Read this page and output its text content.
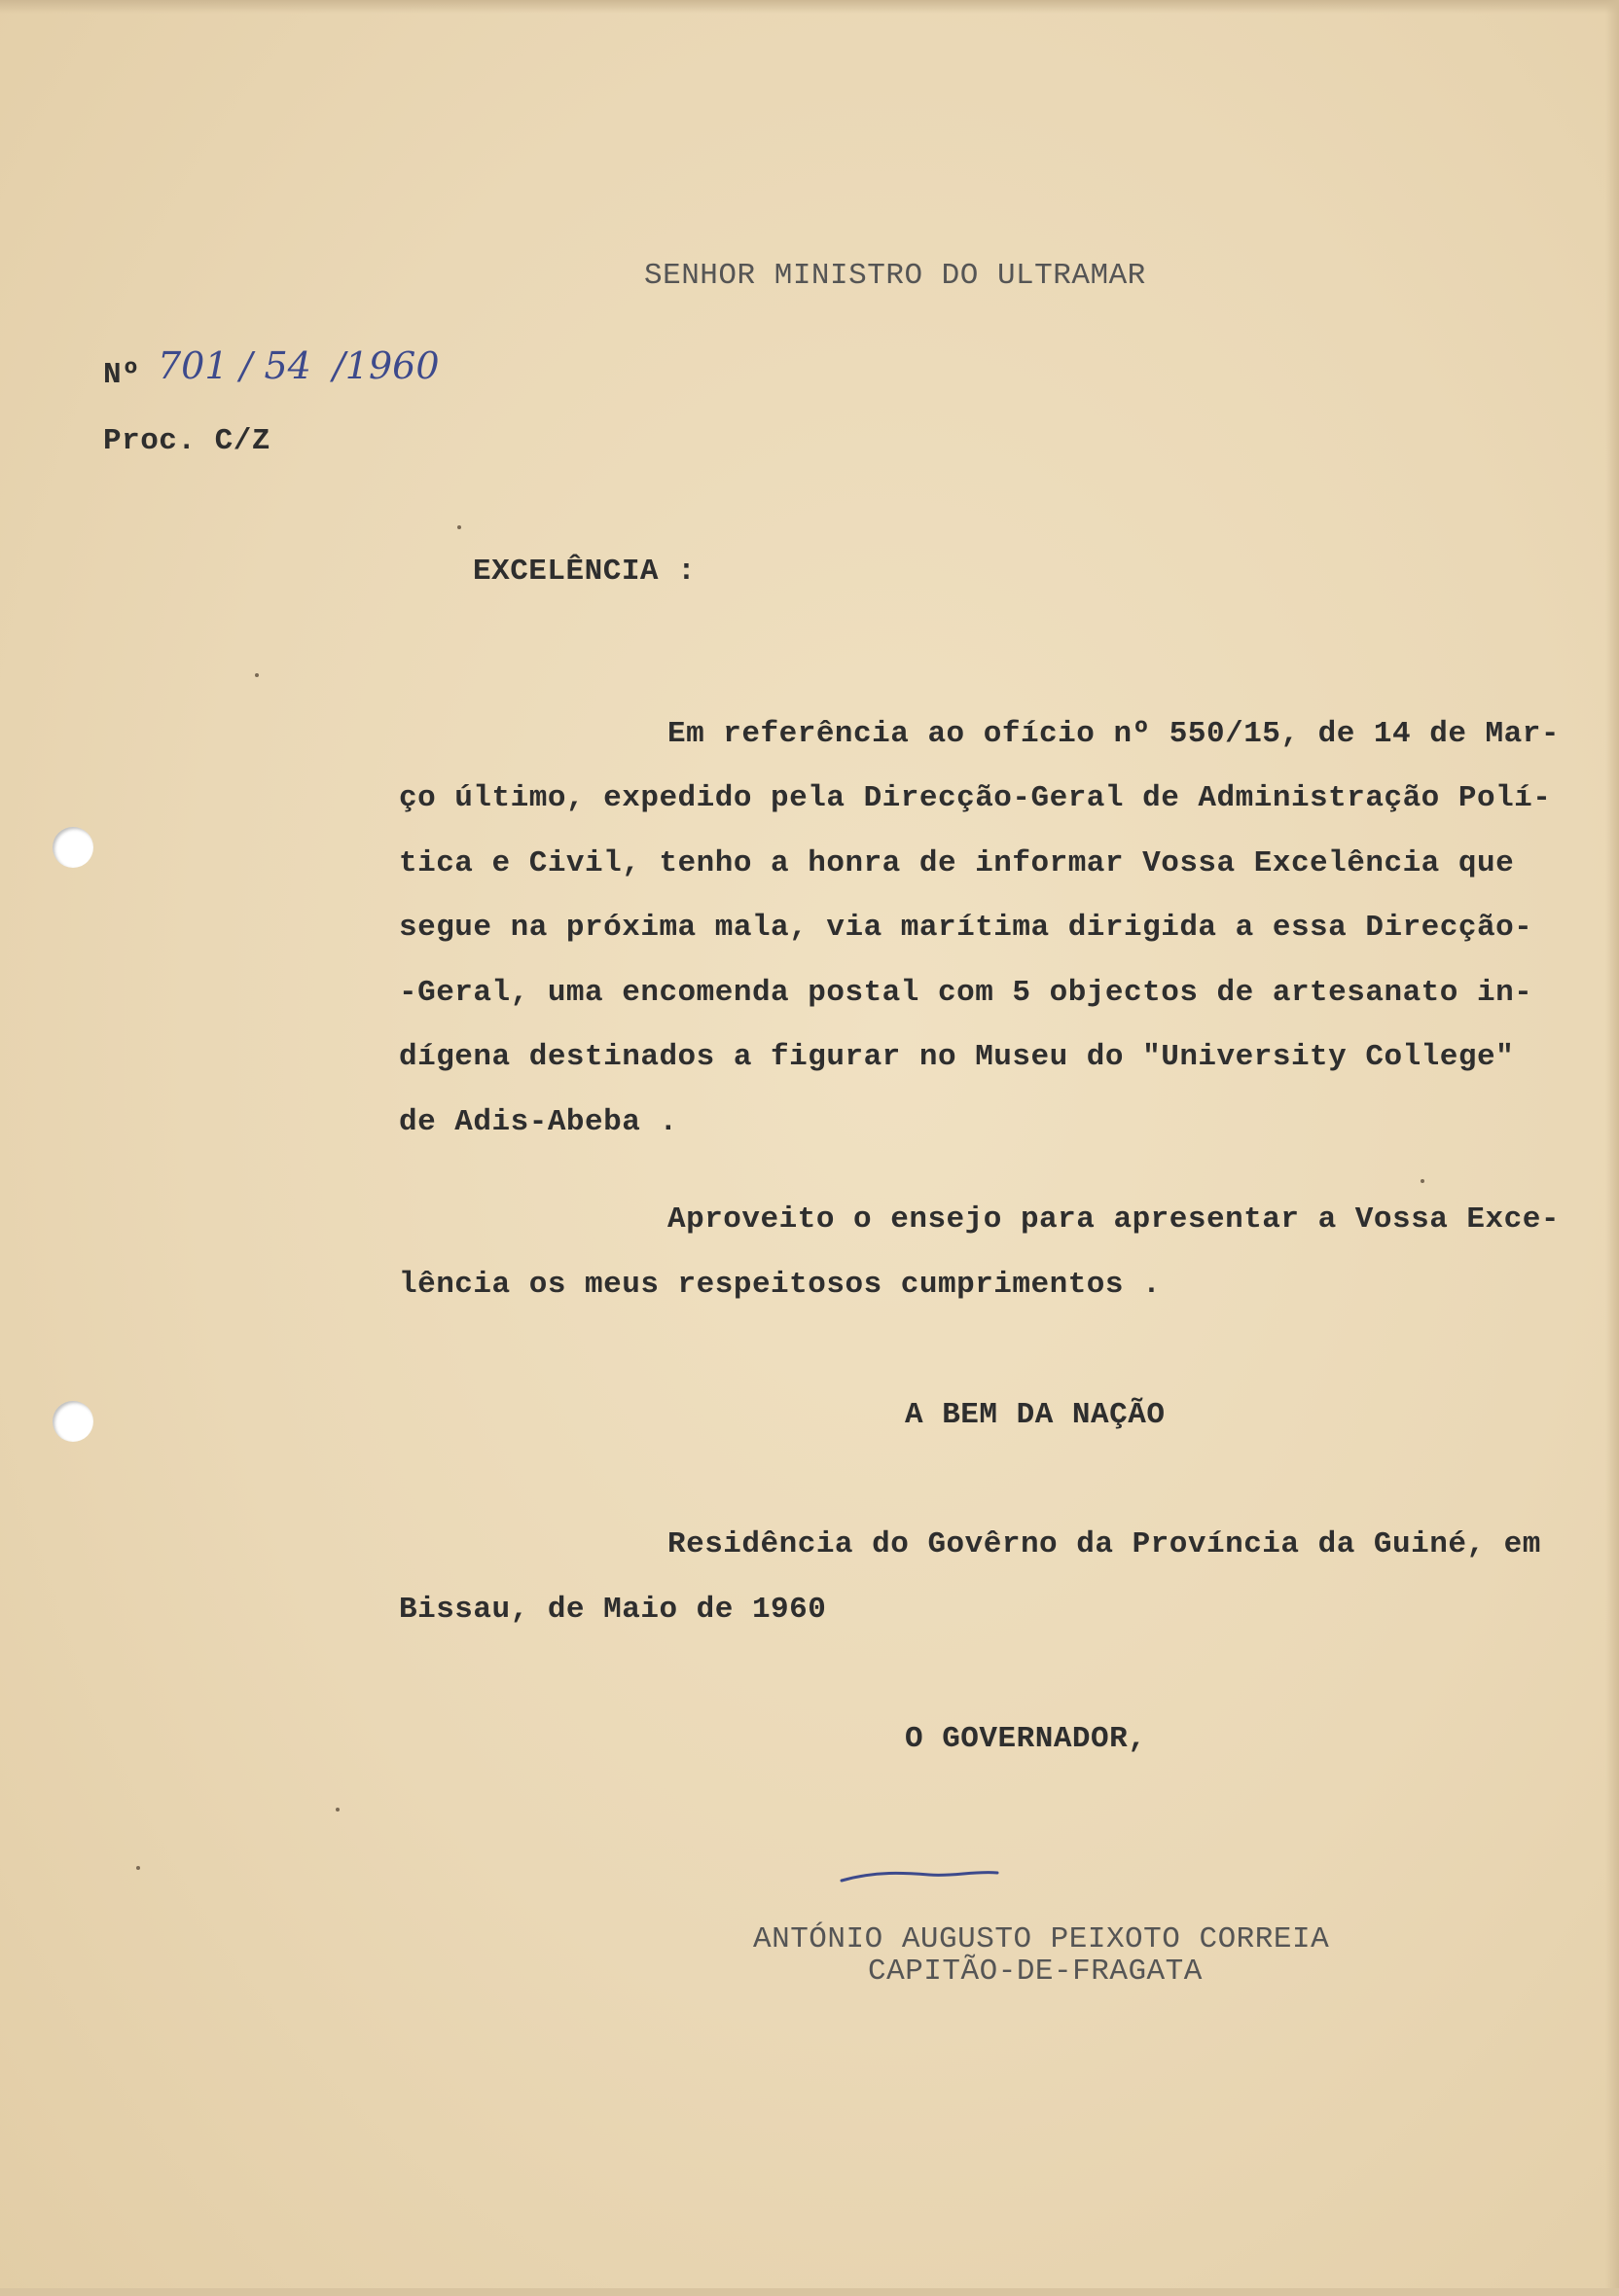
SENHOR MINISTRO DO ULTRAMAR
Nº 701 / 54 /1960
Proc. C/Z
EXCELÊNCIA :
Em referência ao ofício nº 550/15, de 14 de Mar-
ço último, expedido pela Direcção-Geral de Administração Polí-
tica e Civil, tenho a honra de informar Vossa Excelência que
segue na próxima mala, via marítima dirigida a essa Direcção-
-Geral, uma encomenda postal com 5 objectos de artesanato in-
dígena destinados a figurar no Museu do "University College"
de Adis-Abeba .
Aproveito o ensejo para apresentar a Vossa Exce-
lência os meus respeitosos cumprimentos .
A BEM DA NAÇÃO
Residência do Govêrno da Província da Guiné, em
Bissau, de Maio de 1960
O GOVERNADOR,
ANTÓNIO AUGUSTO PEIXOTO CORREIA
CAPITÃO-DE-FRAGATA
